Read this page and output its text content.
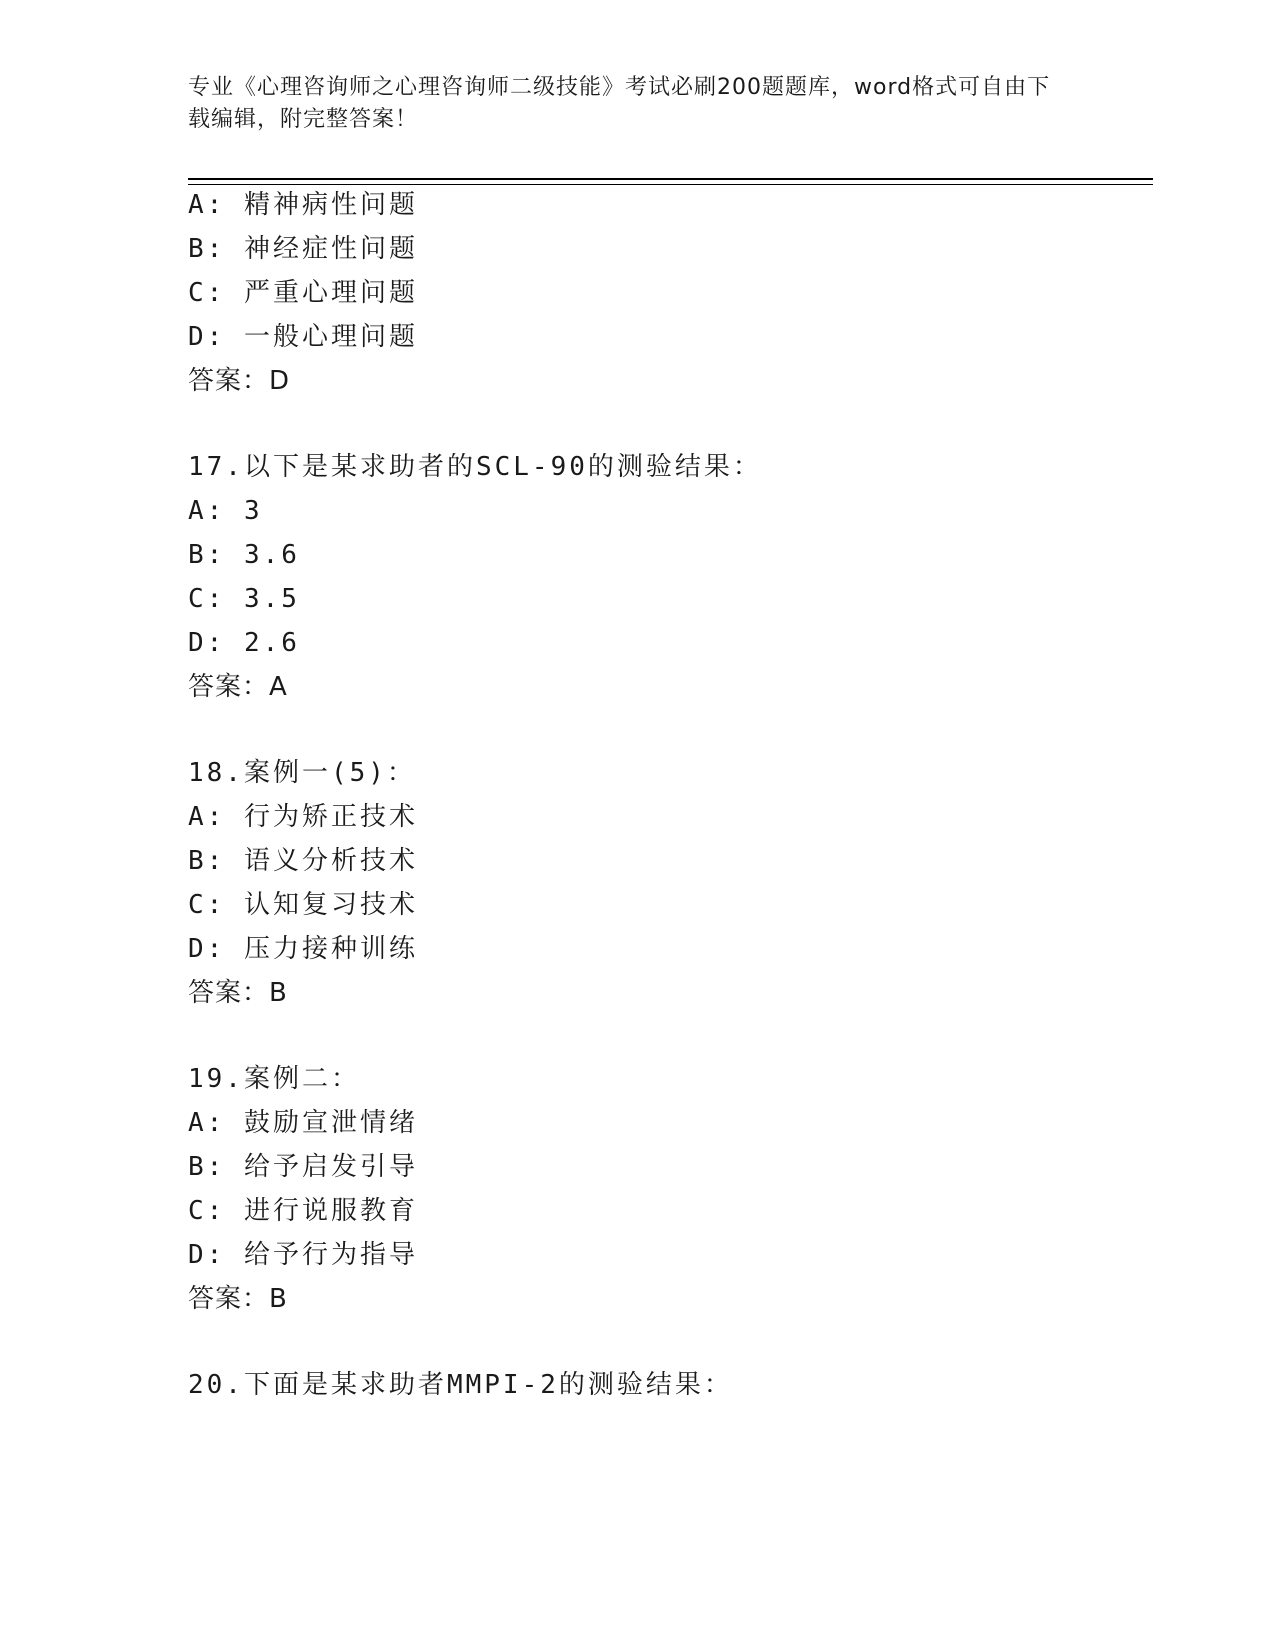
专业《心理咨询师之心理咨询师二级技能》考试必刷200题题库，word格式可自由下载编辑，附完整答案！
A: 精神病性问题
B: 神经症性问题
C: 严重心理问题
D: 一般心理问题
答案：D
17.以下是某求助者的SCL-90的测验结果：
A: 3
B: 3.6
C: 3.5
D: 2.6
答案：A
18.案例一(5)：
A: 行为矫正技术
B: 语义分析技术
C: 认知复习技术
D: 压力接种训练
答案：B
19.案例二：
A: 鼓励宣泄情绪
B: 给予启发引导
C: 进行说服教育
D: 给予行为指导
答案：B
20.下面是某求助者MMPI-2的测验结果：
